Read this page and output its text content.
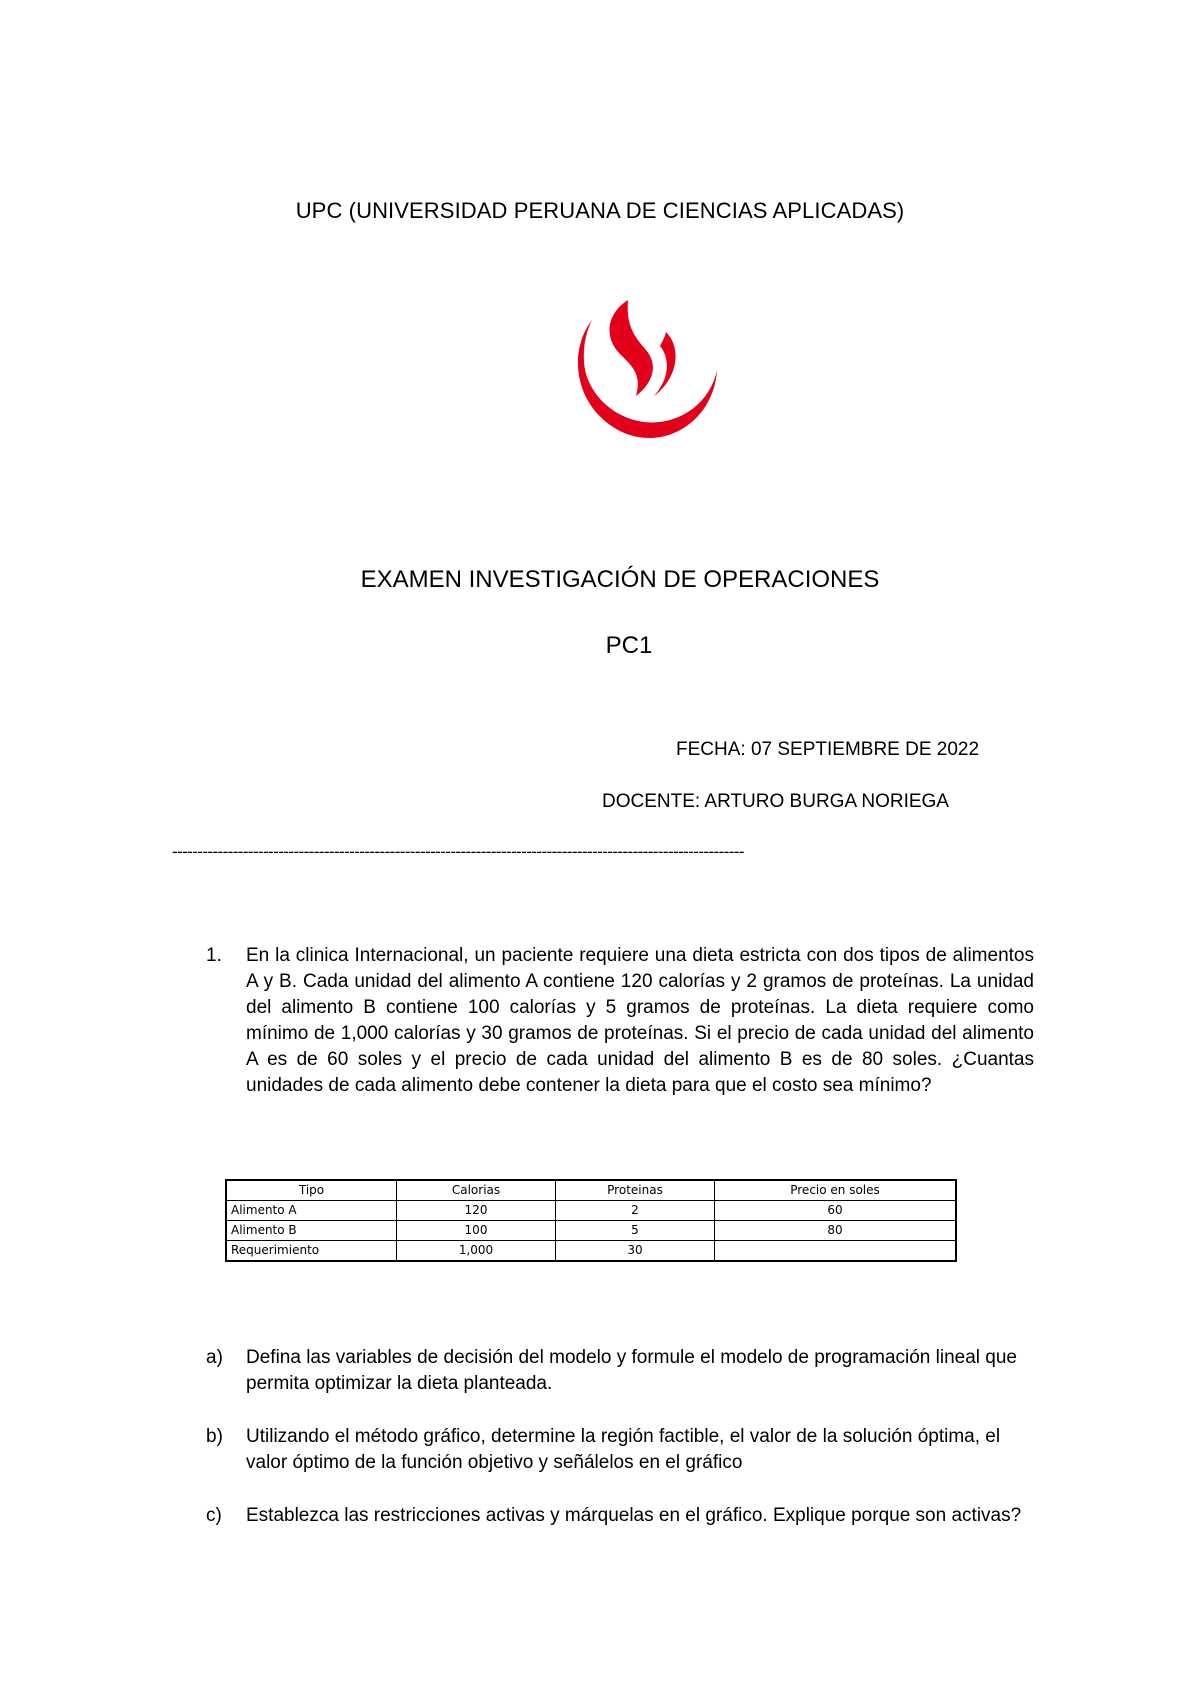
UPC (UNIVERSIDAD PERUANA DE CIENCIAS APLICADAS)
EXAMEN INVESTIGACIÓN DE OPERACIONES
PC1
FECHA: 07 SEPTIEMBRE DE 2022
DOCENTE: ARTURO BURGA NORIEGA
-----------------------------------------------------------------------------------------------------------------
1. En la clinica Internacional, un paciente requiere una dieta estricta con dos tipos de alimentos A y B. Cada unidad del alimento A contiene 120 calorías y 2 gramos de proteínas. La unidad del alimento B contiene 100 calorías y 5 gramos de proteínas. La dieta requiere como mínimo de 1,000 calorías y 30 gramos de proteínas. Si el precio de cada unidad del alimento A es de 60 soles y el precio de cada unidad del alimento B es de 80 soles. ¿Cuantas unidades de cada alimento debe contener la dieta para que el costo sea mínimo?
Tipo	Calorias	Proteinas	Precio en soles
Alimento A	120	2	60
Alimento B	100	5	80
Requerimiento	1,000	30	
a) Defina las variables de decisión del modelo y formule el modelo de programación lineal que permita optimizar la dieta planteada.
b) Utilizando el método gráfico, determine la región factible, el valor de la solución óptima, el valor óptimo de la función objetivo y señálelos en el gráfico
c) Establezca las restricciones activas y márquelas en el gráfico. Explique porque son activas?
